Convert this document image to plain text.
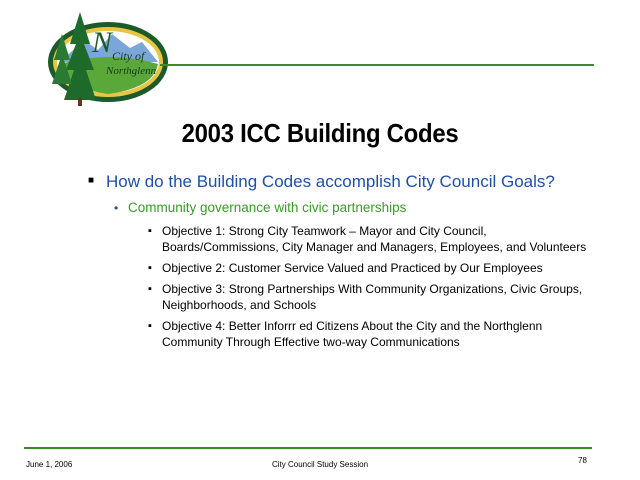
N City of
Northglenn
2003 ICC Building Codes
■ How do the Building Codes accomplish City Council Goals?
• Community governance with civic partnerships
▪ Objective 1: Strong City Teamwork – Mayor and City Council, Boards/Commissions, City Manager and Managers, Employees, and Volunteers
▪ Objective 2: Customer Service Valued and Practiced by Our Employees
▪ Objective 3: Strong Partnerships With Community Organizations, Civic Groups, Neighborhoods, and Schools
▪ Objective 4: Better Inforrr ed Citizens About the City and the Northglenn Community Through Effective two-way Communications
June 1, 2006	City Council Study Session	78
